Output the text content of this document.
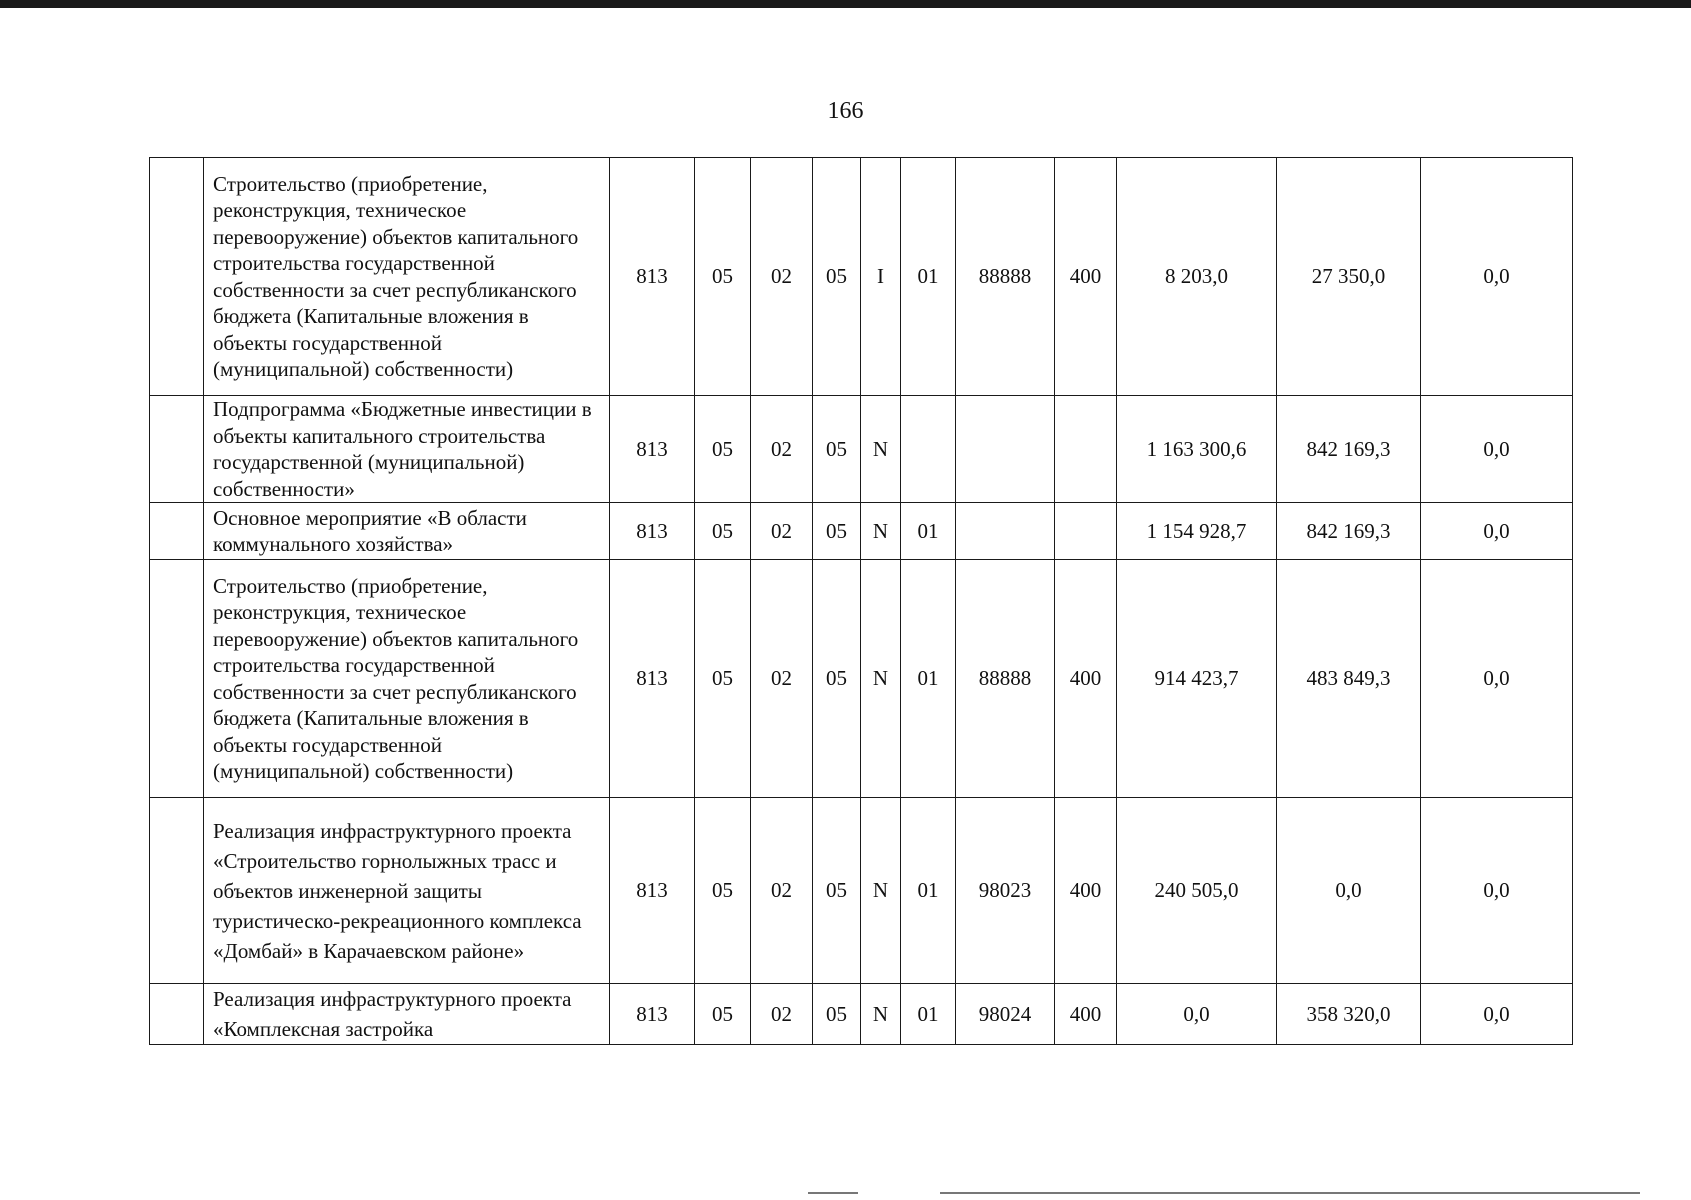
166
	Строительство (приобретение, реконструкция, техническое перевооружение) объектов капитального строительства государственной собственности за счет республиканского бюджета (Капитальные вложения в объекты государственной (муниципальной) собственности)	813	05	02	05	I	01	88888	400	8 203,0	27 350,0	0,0
	Подпрограмма «Бюджетные инвестиции в объекты капитального строительства государственной (муниципальной) собственности»	813	05	02	05	N				1 163 300,6	842 169,3	0,0
	Основное мероприятие «В области коммунального хозяйства»	813	05	02	05	N	01			1 154 928,7	842 169,3	0,0
	Строительство (приобретение, реконструкция, техническое перевооружение) объектов капитального строительства государственной собственности за счет республиканского бюджета (Капитальные вложения в объекты государственной (муниципальной) собственности)	813	05	02	05	N	01	88888	400	914 423,7	483 849,3	0,0
	Реализация инфраструктурного проекта «Строительство горнолыжных трасс и объектов инженерной защиты туристическо-рекреационного комплекса «Домбай» в Карачаевском районе»	813	05	02	05	N	01	98023	400	240 505,0	0,0	0,0
	Реализация инфраструктурного проекта «Комплексная застройка	813	05	02	05	N	01	98024	400	0,0	358 320,0	0,0
